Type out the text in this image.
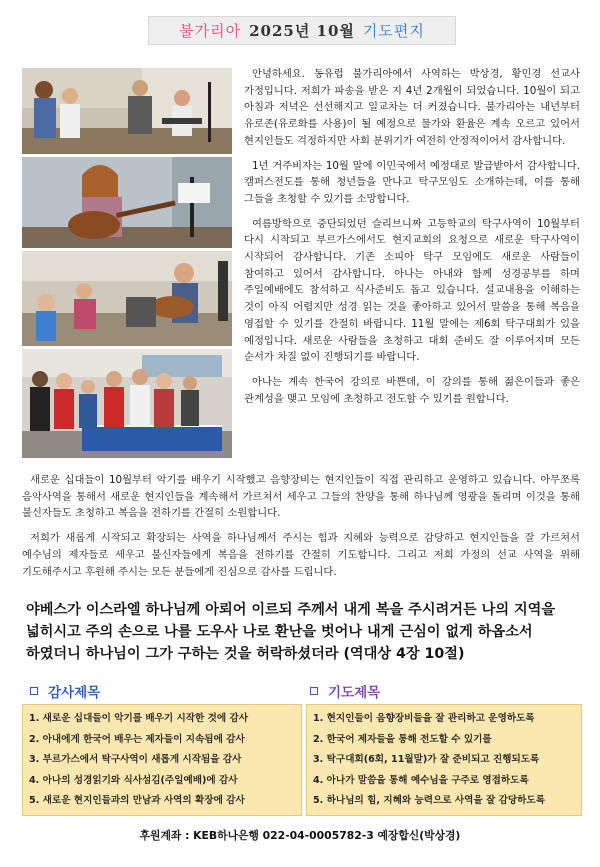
불가리아 2025년 10월 기도편지

안녕하세요. 동유럽 불가리아에서 사역하는 박상경, 황민경 선교사 가정입니다. 저희가 파송을 받은 지 4년 2개월이 되었습니다. 10월이 되고 아침과 저녁은 선선해지고 일교차는 더 커졌습니다. 불가리아는 내년부터 유로존(유로화를 사용)이 될 예정으로 물가와 환율은 계속 오르고 있어서 현지인들도 걱정하지만 사회 분위기가 여전히 안정적이어서 감사합니다.

1년 거주비자는 10월 말에 이민국에서 예정대로 발급받아서 감사합니다. 캠퍼스전도를 통해 청년들을 만나고 탁구모임도 소개하는데, 이를 통해 그들을 초청할 수 있기를 소망합니다.

여름방학으로 중단되었던 슬리브니짜 고등학교의 탁구사역이 10월부터 다시 시작되고 부르가스에서도 현지교회의 요청으로 새로운 탁구사역이 시작되어 감사합니다. 기존 소피아 탁구 모임에도 새로운 사람들이 참여하고 있어서 감사합니다. 아나는 아내와 함께 성경공부를 하며 주일예배에도 참석하고 식사준비도 돕고 있습니다. 설교내용을 이해하는 것이 아직 어렵지만 성경 읽는 것을 좋아하고 있어서 말씀을 통해 복음을 영접할 수 있기를 간절히 바랍니다. 11월 말에는 제6회 탁구대회가 있을 예정입니다. 새로운 사람들을 초청하고 대회 준비도 잘 이루어지며 모든 순서가 차질 없이 진행되기를 바랍니다.

아나는 계속 한국어 강의로 바쁜데, 이 강의를 통해 젊은이들과 좋은 관계성을 맺고 모임에 초청하고 전도할 수 있기를 원합니다.

새로운 십대들이 10월부터 악기를 배우기 시작했고 음향장비는 현지인들이 직접 관리하고 운영하고 있습니다. 아무쪼록 음악사역을 통해서 새로운 현지인들을 계속해서 가르쳐서 세우고 그들의 찬양을 통해 하나님께 영광을 돌리며 이것을 통해 불신자들도 초청하고 복음을 전하기를 간절히 소원합니다.

저희가 새롭게 시작되고 확장되는 사역을 하나님께서 주시는 힘과 지혜와 능력으로 감당하고 현지인들을 잘 가르쳐서 예수님의 제자들로 세우고 불신자들에게 복음을 전하기를 간절히 기도합니다. 그리고 저희 가정의 선교 사역을 위해 기도해주시고 후원해 주시는 모든 분들에게 진심으로 감사를 드립니다.

야베스가 이스라엘 하나님께 아뢰어 이르되 주께서 내게 복을 주시려거든 나의 지역을 넓히시고 주의 손으로 나를 도우사 나로 환난을 벗어나 내게 근심이 없게 하옵소서 하였더니 하나님이 그가 구하는 것을 허락하셨더라 (역대상 4장 10절)
감사제목	기도제목
1. 새로운 십대들이 악기를 배우기 시작한 것에 감사
2. 아내에게 한국어 배우는 제자들이 지속됨에 감사
3. 부르가스에서 탁구사역이 새롭게 시작됨을 감사
4. 아나의 성경읽기와 식사섬김(주일예배)에 감사
5. 새로운 현지인들과의 만남과 사역의 확장에 감사
1. 현지인들이 음향장비들을 잘 관리하고 운영하도록
2. 한국어 제자들을 통해 전도할 수 있기를
3. 탁구대회(6회, 11월말)가 잘 준비되고 진행되도록
4. 아나가 말씀을 통해 예수님을 구주로 영접하도록
5. 하나님의 힘, 지혜와 능력으로 사역을 잘 감당하도록
후원계좌 : KEB하나은행 022-04-0005782-3 예장합신(박상경)
